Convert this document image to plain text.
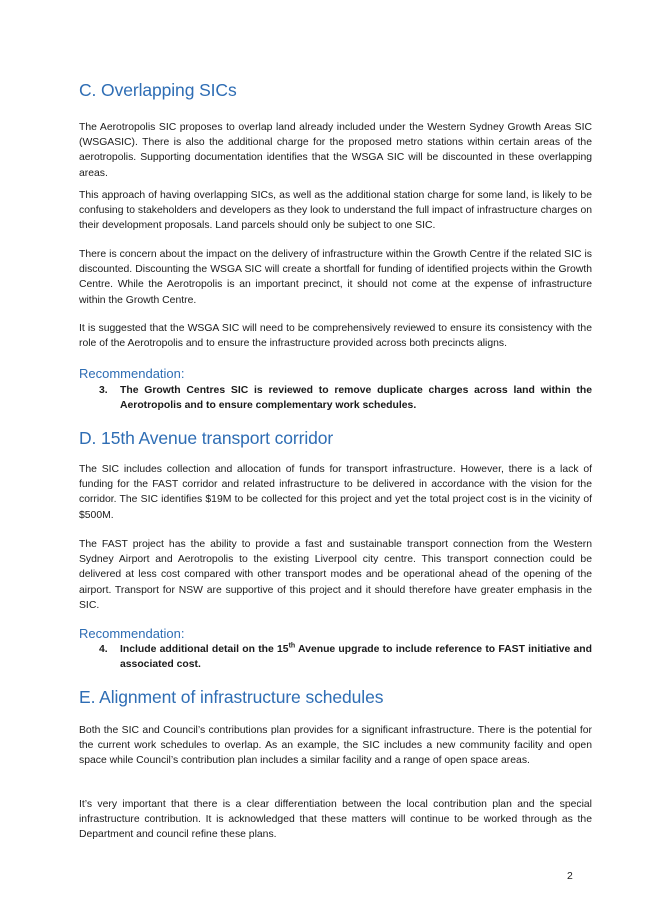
C. Overlapping SICs

The Aerotropolis SIC proposes to overlap land already included under the Western Sydney Growth Areas SIC (WSGASIC). There is also the additional charge for the proposed metro stations within certain areas of the aerotropolis. Supporting documentation identifies that the WSGA SIC will be discounted in these overlapping areas.

This approach of having overlapping SICs, as well as the additional station charge for some land, is likely to be confusing to stakeholders and developers as they look to understand the full impact of infrastructure charges on their development proposals. Land parcels should only be subject to one SIC.

There is concern about the impact on the delivery of infrastructure within the Growth Centre if the related SIC is discounted. Discounting the WSGA SIC will create a shortfall for funding of identified projects within the Growth Centre. While the Aerotropolis is an important precinct, it should not come at the expense of infrastructure within the Growth Centre.

It is suggested that the WSGA SIC will need to be comprehensively reviewed to ensure its consistency with the role of the Aerotropolis and to ensure the infrastructure provided across both precincts aligns.

Recommendation:
3. The Growth Centres SIC is reviewed to remove duplicate charges across land within the Aerotropolis and to ensure complementary work schedules.
D. 15th Avenue transport corridor

The SIC includes collection and allocation of funds for transport infrastructure. However, there is a lack of funding for the FAST corridor and related infrastructure to be delivered in accordance with the vision for the corridor. The SIC identifies $19M to be collected for this project and yet the total project cost is in the vicinity of $500M.

The FAST project has the ability to provide a fast and sustainable transport connection from the Western Sydney Airport and Aerotropolis to the existing Liverpool city centre. This transport connection could be delivered at less cost compared with other transport modes and be operational ahead of the opening of the airport. Transport for NSW are supportive of this project and it should therefore have greater emphasis in the SIC.

Recommendation:
4. Include additional detail on the 15th Avenue upgrade to include reference to FAST initiative and associated cost.
E. Alignment of infrastructure schedules

Both the SIC and Council’s contributions plan provides for a significant infrastructure. There is the potential for the current work schedules to overlap. As an example, the SIC includes a new community facility and open space while Council’s contribution plan includes a similar facility and a range of open space areas.

It’s very important that there is a clear differentiation between the local contribution plan and the special infrastructure contribution. It is acknowledged that these matters will continue to be worked through as the Department and council refine these plans.

2
